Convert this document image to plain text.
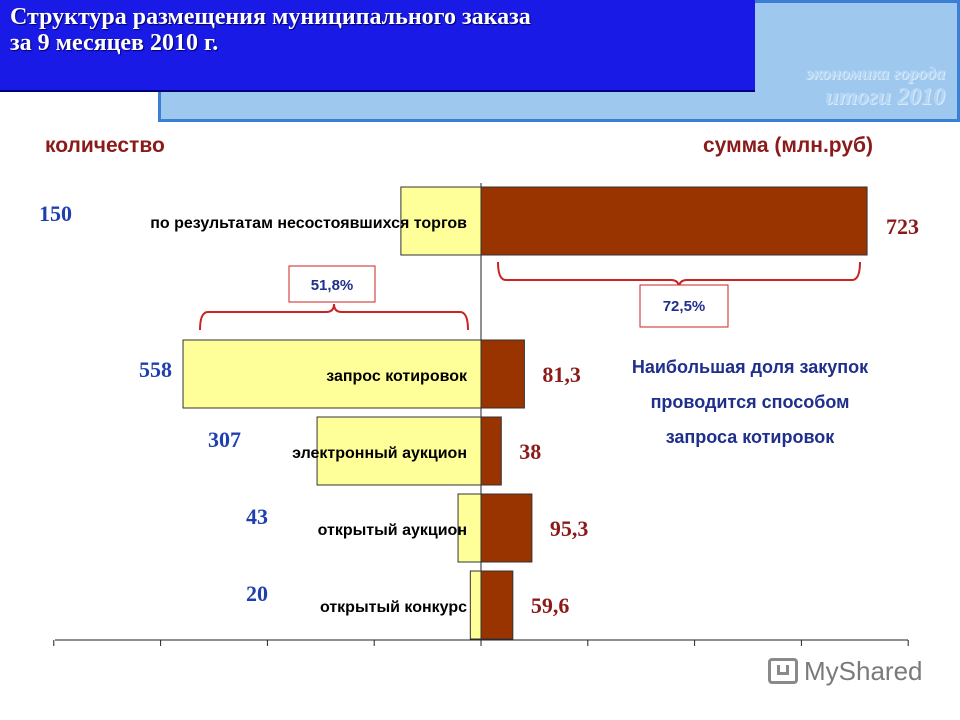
экономика города
итоги 2010
Структура размещения муниципального заказа
за 9 месяцев 2010 г.
количество	сумма (млн.руб)
по результатам несостоявшихся торгов
150
723
запрос котировок
558	81,3
электронный аукцион
307	38
открытый аукцион
43	95,3
открытый конкурс
20	59,6
51,8%
72,5%
Наибольшая доля закупок
проводится способом
запроса котировок
MyShared
